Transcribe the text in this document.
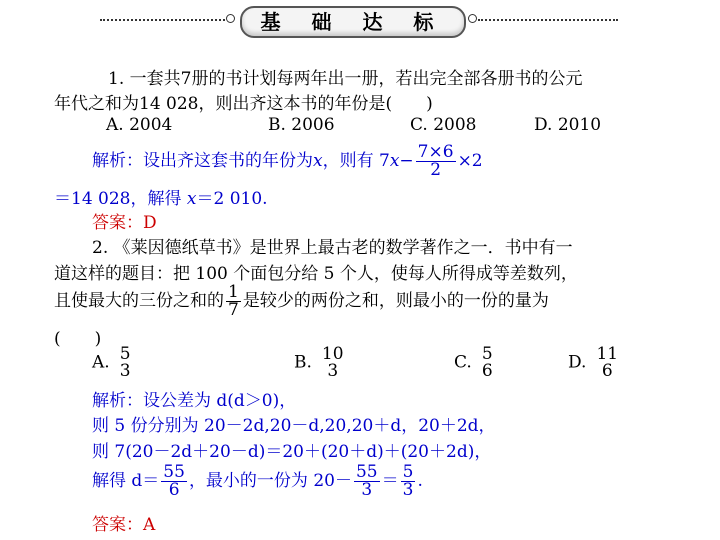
基 础 达 标
1. 一套共7册的书计划每两年出一册，若出完全部各册书的公元
年代之和为14 028，则出齐这本书的年份是(　　)
A. 2004	B. 2006	C. 2008	D. 2010
解析：设出齐这套书的年份为x，则有 $7x- \frac{7\times 6}{2} \times 2$
＝14 028，解得 x＝2 010.
答案：D
2. 《莱因德纸草书》是世界上最古老的数学著作之一．书中有一
道这样的题目：把 100 个面包分给 5 个人，使每人所得成等差数列，
且使最大的三份之和的 $\frac{1}{7}$ 是较少的两份之和，则最小的一份的量为
(　　)
A. 5
3	B. 10
3	C. 5
6	D. 11
6
解析：设公差为 d(d＞0)，
则 5 份分别为 20－2d,20－d,20,20＋d，20＋2d，
则 7(20－2d＋20－d)＝20＋(20＋d)＋(20＋2d)，
解得 $d= \frac{55}{6}$ ，最小的一份为 $20- \frac{55}{3} = \frac{5}{3}$ .
答案：A
